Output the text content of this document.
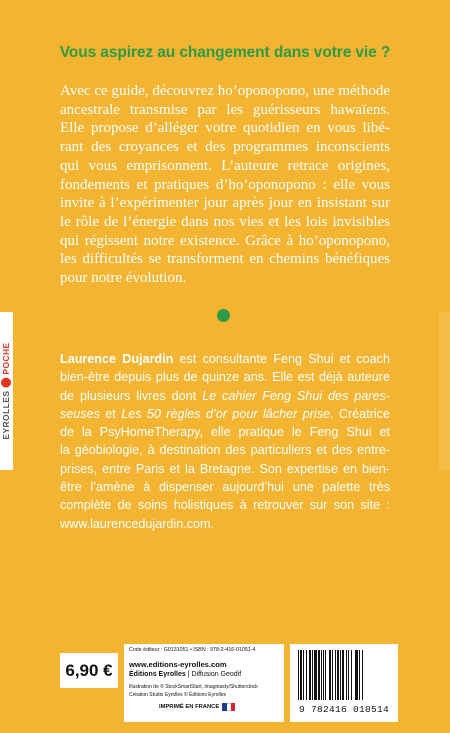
Vous aspirez au changement dans votre vie ?

Avec ce guide, découvrez ho’oponopono, une méthode

ancestrale transmise par les guérisseurs hawaïens.

Elle propose d’alléger votre quotidien en vous libé-

rant des croyances et des programmes inconscients

qui vous emprisonnent. L’auteure retrace origines,

fondements et pratiques d’ho’oponopono : elle vous

invite à l’expérimenter jour après jour en insistant sur

le rôle de l’énergie dans nos vies et les lois invisibles

qui régissent notre existence. Grâce à ho’oponopono,

les difficultés se transforment en chemins bénéfiques

pour notre évolution.

EYROLLES
POCHE	Laurence Dujardin est consultante Feng Shui et coach

bien-être depuis plus de quinze ans. Elle est déjà auteure

de plusieurs livres dont Le cahier Feng Shui des pares-

seuses et Les 50 règles d’or pour lâcher prise. Créatrice

de la PsyHomeTherapy, elle pratique le Feng Shui et

la géobiologie, à destination des particuliers et des entre-

prises, entre Paris et la Bretagne. Son expertise en bien-

être l’amène à dispenser aujourd’hui une palette très

complète de soins holistiques à retrouver sur son site :

www.laurencedujardin.com.

6,90 €
Code éditeur : G0131051 • ISBN : 978-2-416-01051-4
www.editions-eyrolles.com
Éditions Eyrolles | Diffusion Geodif
Illustration de © StockSmartStart, Imaginasty/Shutterstock
Création Studio Eyrolles © Éditions Eyrolles
IMPRIMÉ EN FRANCE	9 782416 010514
